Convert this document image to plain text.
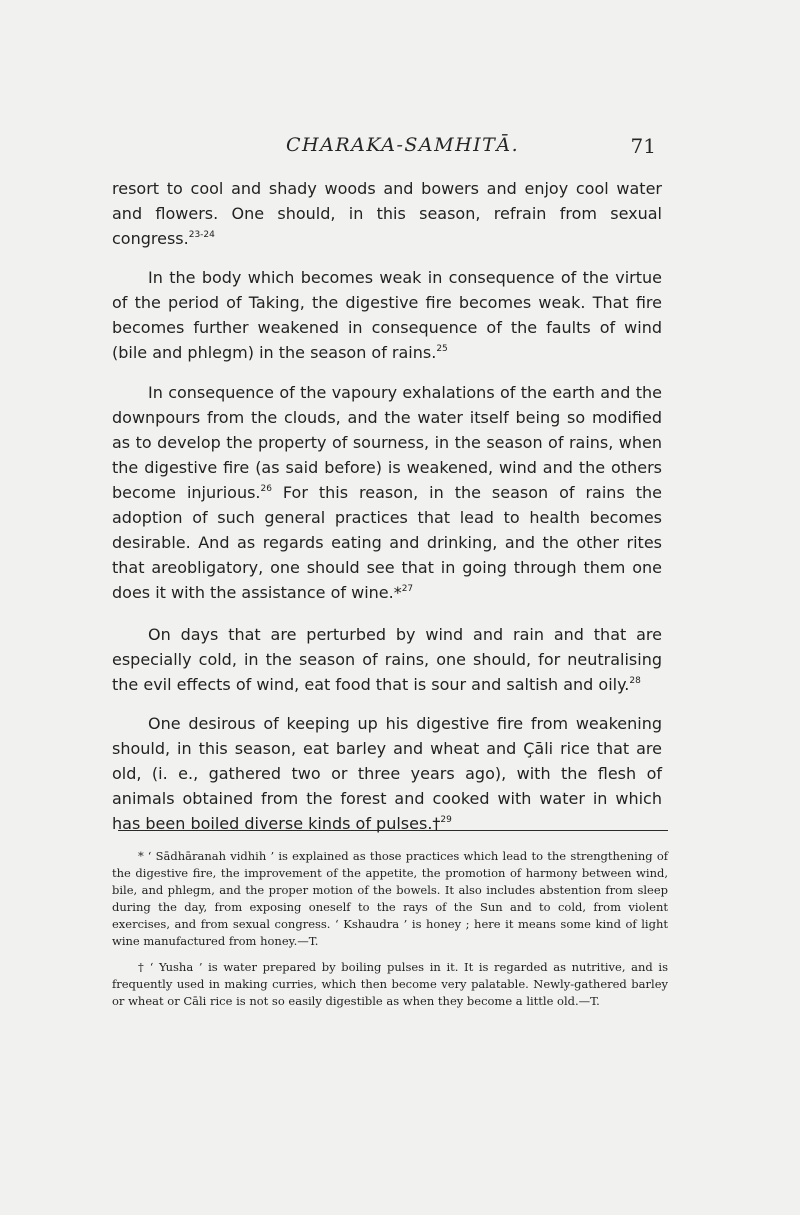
CHARAKA-SAMHITĀ.	71

resort to cool and shady woods and bowers and enjoy cool water and flowers. One should, in this season, refrain from sexual congress.$^{23-24}$

In the body which becomes weak in consequence of the virtue of the period of Taking, the digestive fire becomes weak. That fire becomes further weakened in consequence of the faults of wind (bile and phlegm) in the season of rains.$^{25}$

In consequence of the vapoury exhalations of the earth and the downpours from the clouds, and the water itself being so modified as to develop the property of sourness, in the season of rains, when the digestive fire (as said before) is weakened, wind and the others become injurious.$^{26}$ For this reason, in the season of rains the adoption of such general practices that lead to health becomes desirable. And as regards eating and drinking, and the other rites that areobligatory, one should see that in going through them one does it with the assistance of wine.*$^{27}$

On days that are perturbed by wind and rain and that are especially cold, in the season of rains, one should, for neutralising the evil effects of wind, eat food that is sour and saltish and oily.$^{28}$

One desirous of keeping up his digestive fire from weakening should, in this season, eat barley and wheat and Çāli rice that are old, (i. e., gathered two or three years ago), with the flesh of animals obtained from the forest and cooked with water in which has been boiled diverse kinds of pulses.†$^{29}$

* ‘ Sādhāranah vidhih ’ is explained as those practices which lead to the strengthening of the digestive fire, the improvement of the appetite, the promotion of harmony between wind, bile, and phlegm, and the proper motion of the bowels. It also includes abstention from sleep during the day, from exposing oneself to the rays of the Sun and to cold, from violent exercises, and from sexual congress. ‘ Kshaudra ’ is honey ; here it means some kind of light wine manufactured from honey.—T.

† ‘ Yusha ’ is water prepared by boiling pulses in it. It is regarded as nutritive, and is frequently used in making curries, which then become very palatable. Newly-gathered barley or wheat or Cāli rice is not so easily digestible as when they become a little old.—T.
